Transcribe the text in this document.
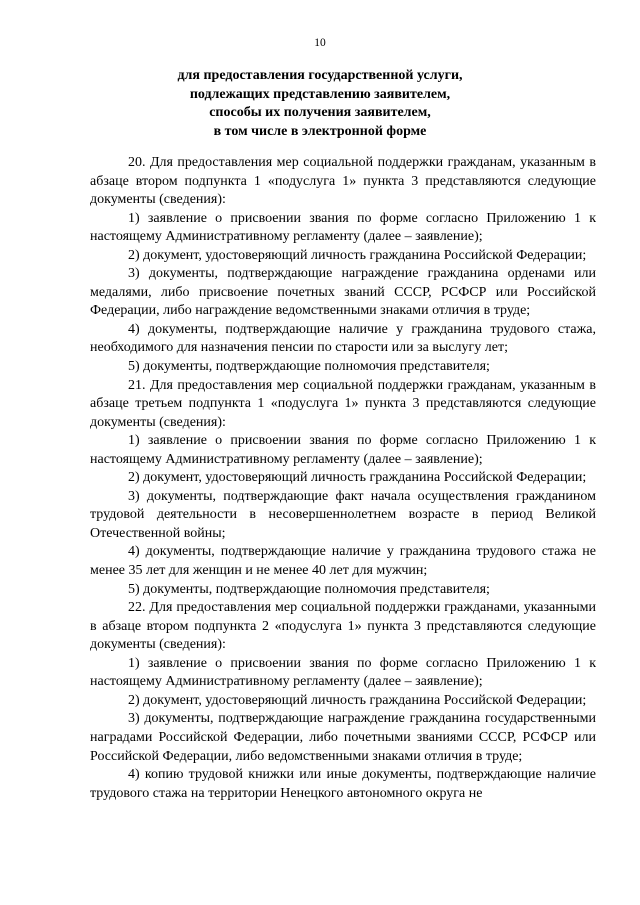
10
для предоставления государственной услуги,
подлежащих представлению заявителем,
способы их получения заявителем,
в том числе в электронной форме

20. Для предоставления мер социальной поддержки гражданам, указанным в абзаце втором подпункта 1 «подуслуга 1» пункта 3 представляются следующие документы (сведения):

1) заявление о присвоении звания по форме согласно Приложению 1 к настоящему Административному регламенту (далее – заявление);

2) документ, удостоверяющий личность гражданина Российской Федерации;

3) документы, подтверждающие награждение гражданина орденами или медалями, либо присвоение почетных званий СССР, РСФСР или Российской Федерации, либо награждение ведомственными знаками отличия в труде;

4) документы, подтверждающие наличие у гражданина трудового стажа, необходимого для назначения пенсии по старости или за выслугу лет;

5) документы, подтверждающие полномочия представителя;

21. Для предоставления мер социальной поддержки гражданам, указанным в абзаце третьем подпункта 1 «подуслуга 1» пункта 3 представляются следующие документы (сведения):

1) заявление о присвоении звания по форме согласно Приложению 1 к настоящему Административному регламенту (далее – заявление);

2) документ, удостоверяющий личность гражданина Российской Федерации;

3) документы, подтверждающие факт начала осуществления гражданином трудовой деятельности в несовершеннолетнем возрасте в период Великой Отечественной войны;

4) документы, подтверждающие наличие у гражданина трудового стажа не менее 35 лет для женщин и не менее 40 лет для мужчин;

5) документы, подтверждающие полномочия представителя;

22. Для предоставления мер социальной поддержки гражданами, указанными в абзаце втором подпункта 2 «подуслуга 1» пункта 3 представляются следующие документы (сведения):

1) заявление о присвоении звания по форме согласно Приложению 1 к настоящему Административному регламенту (далее – заявление);

2) документ, удостоверяющий личность гражданина Российской Федерации;

3) документы, подтверждающие награждение гражданина государственными наградами Российской Федерации, либо почетными званиями СССР, РСФСР или Российской Федерации, либо ведомственными знаками отличия в труде;

4) копию трудовой книжки или иные документы, подтверждающие наличие трудового стажа на территории Ненецкого автономного округа не
